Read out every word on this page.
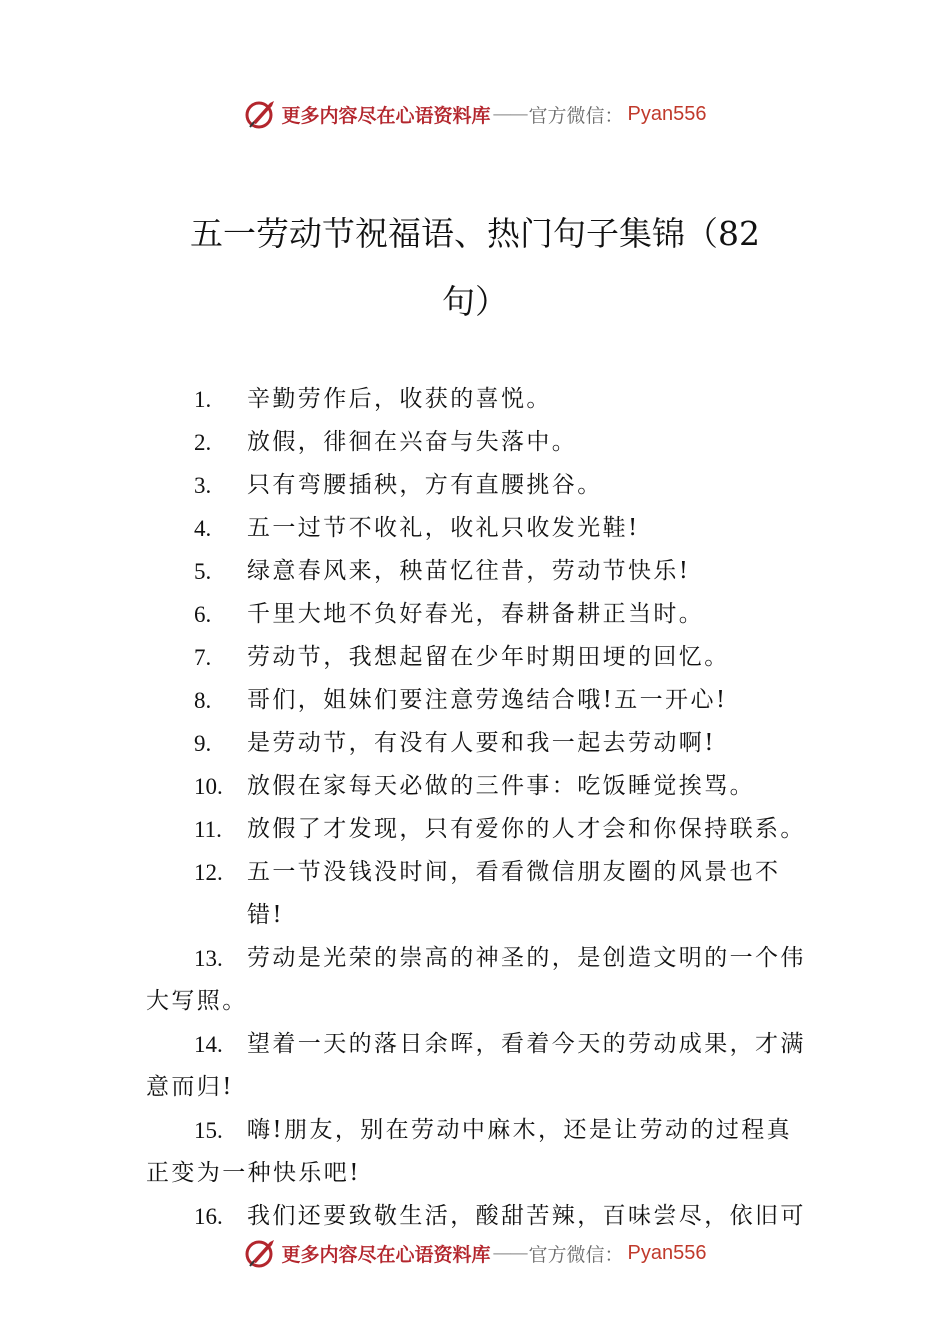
更多内容尽在心语资料库 —— 官方微信： Pyan556
五一劳动节祝福语、热门句子集锦（82
句）
1. 辛勤劳作后，收获的喜悦。
2. 放假，徘徊在兴奋与失落中。
3. 只有弯腰插秧，方有直腰挑谷。
4. 五一过节不收礼，收礼只收发光鞋!
5. 绿意春风来，秧苗忆往昔，劳动节快乐!
6. 千里大地不负好春光，春耕备耕正当时。
7. 劳动节，我想起留在少年时期田埂的回忆。
8. 哥们，姐妹们要注意劳逸结合哦!五一开心!
9. 是劳动节，有没有人要和我一起去劳动啊!
10. 放假在家每天必做的三件事：吃饭睡觉挨骂。
11. 放假了才发现，只有爱你的人才会和你保持联系。
12. 五一节没钱没时间，看看微信朋友圈的风景也不错!
13. 劳动是光荣的崇高的神圣的，是创造文明的一个伟大写照。
14. 望着一天的落日余晖，看着今天的劳动成果，才满意而归!
15. 嗨!朋友，别在劳动中麻木，还是让劳动的过程真正变为一种快乐吧!
16. 我们还要致敬生活，酸甜苦辣，百味尝尽，依旧可
更多内容尽在心语资料库 —— 官方微信： Pyan556
